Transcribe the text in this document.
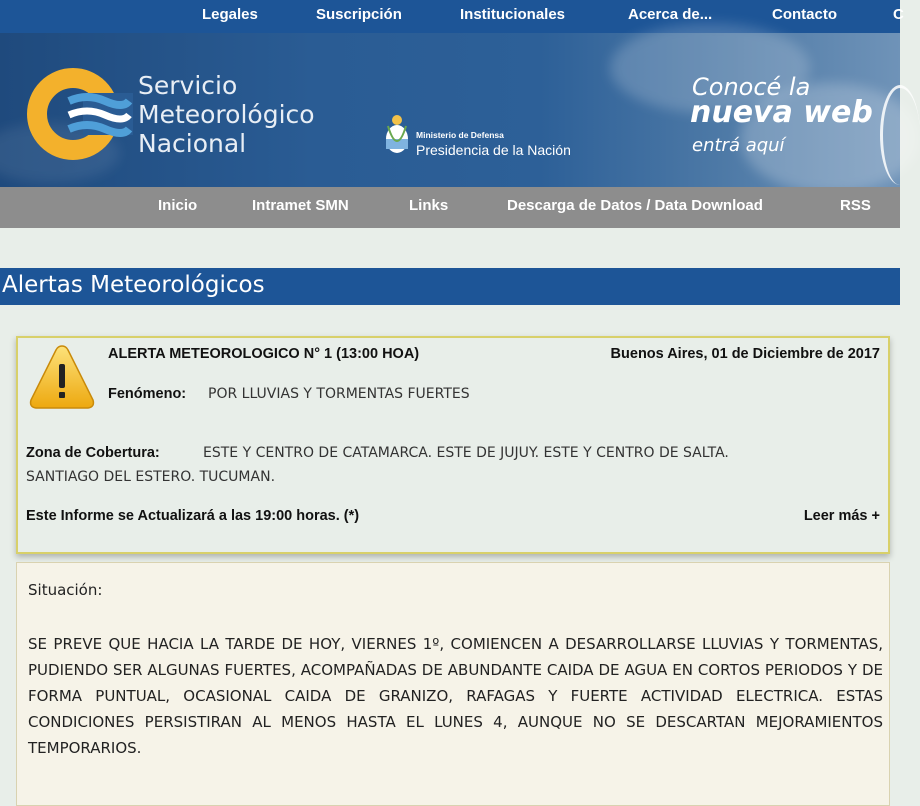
Legales	Suscripción	Institucionales	Acerca de...	Contacto	C
Servicio
Meteorológico
Nacional	Ministerio de Defensa
Presidencia de la Nación
Conocé la
nueva web
entrá aquí
Inicio	Intramet SMN	Links	Descarga de Datos / Data Download	RSS
Alertas Meteorológicos
ALERTA METEOROLOGICO N° 1 (13:00 HOA)	Buenos Aires, 01 de Diciembre de 2017
Fenómeno: POR LLUVIAS Y TORMENTAS FUERTES
Zona de Cobertura:	ESTE Y CENTRO DE CATAMARCA. ESTE DE JUJUY. ESTE Y CENTRO DE SALTA.
SANTIAGO DEL ESTERO. TUCUMAN.
Este Informe se Actualizará a las 19:00 horas. (*)	Leer más +
Situación:
SE PREVE QUE HACIA LA TARDE DE HOY, VIERNES 1º, COMIENCEN A DESARROLLARSE LLUVIAS Y TORMENTAS, PUDIENDO SER ALGUNAS FUERTES, ACOMPAÑADAS DE ABUNDANTE CAIDA DE AGUA EN CORTOS PERIODOS Y DE FORMA PUNTUAL, OCASIONAL CAIDA DE GRANIZO, RAFAGAS Y FUERTE ACTIVIDAD ELECTRICA. ESTAS CONDICIONES PERSISTIRAN AL MENOS HASTA EL LUNES 4, AUNQUE NO SE DESCARTAN MEJORAMIENTOS TEMPORARIOS.
